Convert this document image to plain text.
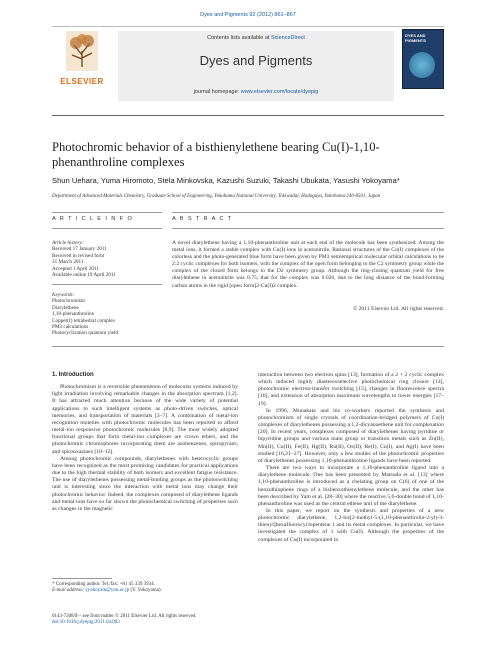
Dyes and Pigments 92 (2012) 861–867
ELSEVIER
Contents lists available at ScienceDirect
Dyes and Pigments
journal homepage: www.elsevier.com/locate/dyepig
DYES AND PIGMENTS
Photochromic behavior of a bisthienylethene bearing Cu(I)-1,10-phenanthroline complexes
Shun Uehara, Yuma Hiromoto, Stela Minkovska, Kazushi Suzuki, Takashi Ubukata, Yasushi Yokoyama*
Department of Advanced Materials Chemistry, Graduate School of Engineering, Yokohama National University, Tokiwadai, Hodogaya, Yokohama 240-8501, Japan
A R T I C L E I N F O	A B S T R A C T
Article history:
Received 17 January 2011
Received in revised form
31 March 2011
Accepted 1 April 2011
Available online 19 April 2011
Keywords:
Photochromism
Diarylethene
1,10-phenanthroline
Copper(I) tetrahedral complex
PM3 calculations
Photocyclization quantum yield
A novel diarylethene having a 1,10-phenanthroline unit at each end of the molecule has been synthesized. Among the metal ions, it formed a stable complex with Cu(I) ions in acetonitrile. Rational structures of the Cu(I) complexes of the colorless and the photo-generated blue form have been given by PM3 semiempirical molecular orbital calculations to be 2:2 cyclic complexes for both isomers, with the complex of the open form belonging to the C2 symmetry group while the complex of the closed form belongs to the D2 symmetry group. Although the ring-closing quantum yield for free diarylethene in acetonitrile was 0.75, that for the complex was 0.026, due to the long distance of the bond-forming carbon atoms in the rigid [open form]2-Cu(I)2 complex.
© 2011 Elsevier Ltd. All rights reserved.
1. Introduction

Photochromism is a reversible phenomenon of molecular systems induced by light irradiation involving remarkable changes in the absorption spectrum [1,2]. It has attracted much attention because of the wide variety of potential applications to such intelligent systems as photo-driven switches, optical memories, and transportation of materials [3–7]. A combination of metal-ion recognition moieties with photochromic molecules has been reported to afford metal-ion responsive photochromic molecules [8,9]. The most widely adopted functional groups that form metal-ion complexes are crown ethers, and the photochromic chromophores incorporating them are azobenzenes, spiropyrans, and spirooxazines [10–12].

Among photochromic compounds, diarylethenes with heterocyclic groups have been recognized as the most promising candidates for practical applications due to the high thermal stability of both isomers and excellent fatigue resistance. The use of diarylethenes possessing metal-binding groups as the photoswitching unit is interesting since the interaction with metal ions may change their photochromic behavior. Indeed, the complexes composed of diarylethene ligands and metal ions have so far shown the photochemical switching of properties such as changes in the magnetic

interaction between two electron spins [13], formation of a 2 + 2 cyclic complex which induced highly diastereoselective photochemical ring closure [14], photochromic electron-transfer switching [15], changes in fluorescence spectra [16], and extension of absorption maximum wavelengths to lower energies [17–19].

In 1996, Munakata and his co-workers reported the synthesis and photochromism of single crystals of coordination-bridged polymers of Cu(I) complexes of diarylethenes possessing a 1,2-dicyanoethene unit for complexation [20]. In recent years, complexes composed of diarylethenes having pyridine or bipyridine groups and various main group or transition metals such as Zn(II), Mn(II), Cu(II), Fe(II), Hg(II), Ru(II), Os(II), Re(I), Cu(I), and Ag(I) have been studied [16,21–27]. However, only a few studies of the photochromic properties of diarylethenes possessing 1,10-phenanthroline ligands have been reported.

There are two ways to incorporate a 1,10-phenanthroline ligand into a diarylethene molecule. One has been presented by Matsuda et al. [13] where 1,10-phenanthroline is introduced as a chelating group on C(6) of one of the benzothiophene rings of a bisbenzothienylethene molecule, and the other has been described by Yam et al. [28–30] where the reactive 5,6-double bond of 1,10-phenanthroline was used as the central ethene unit of the diarylethene.

In this paper, we report on the synthesis and properties of a new photochromic diarylethene, 1,2-bis[2-methyl-5-(1,10-phenanthrolin-2-yl)-3-thienyl]hexafluorocyclopentene 1 and its metal complexes. In particular, we have investigated the complex of 1 with Cu(I). Although the properties of the complexes of Cu(I) incorporated in

* Corresponding author. Tel./fax: +81 45 339 3934.
E-mail address: yyokoyam@ynu.ac.jp (Y. Yokoyama).
0143-7208/$ – see front matter © 2011 Elsevier Ltd. All rights reserved.
doi:10.1016/j.dyepig.2011.04.003
